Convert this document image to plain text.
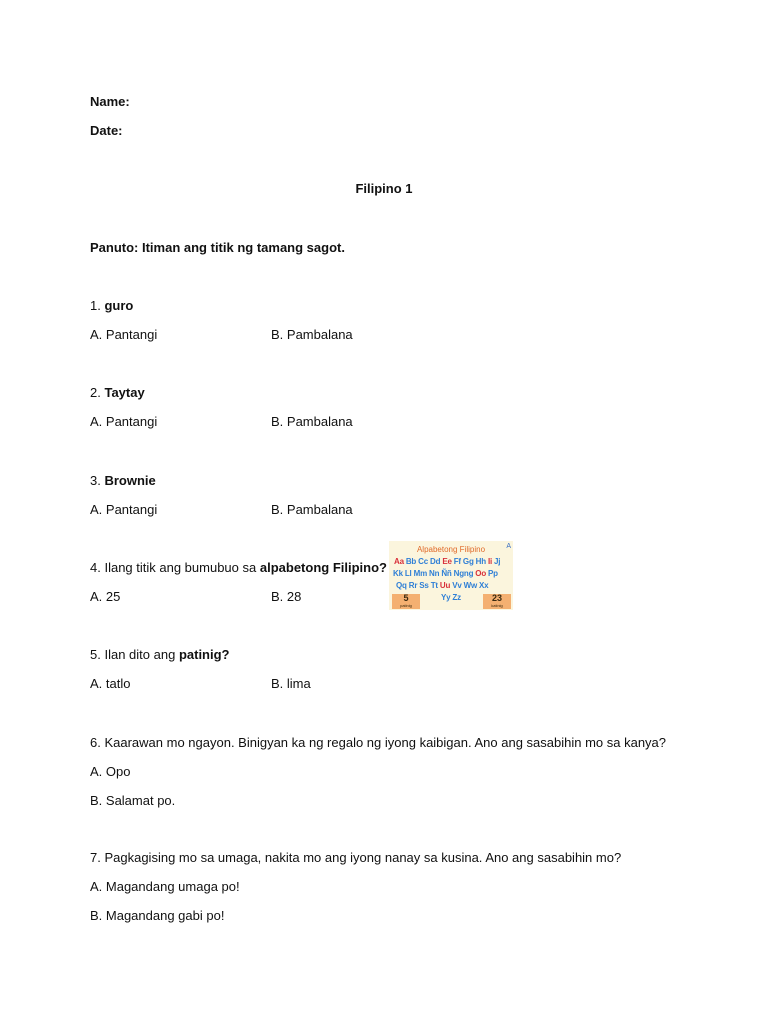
Name:
Date:
Filipino 1
Panuto: Itiman ang titik ng tamang sagot.
1. guro
A. Pantangi	B. Pambalana
2. Taytay
A. Pantangi	B. Pambalana
3. Brownie
A. Pantangi	B. Pambalana
4. Ilang titik ang bumubuo sa alpabetong Filipino?
A. 25	B. 28
Alpabetong Filipino	A
Aa Bb Cc Dd Ee Ff Gg Hh Ii Jj
Kk Ll Mm Nn Ññ Ngng Oo Pp
Qq Rr Ss Tt Uu Vv Ww Xx
Yy Zz
5
patinig
23
katinig
5. Ilan dito ang patinig?
A. tatlo	B. lima
6. Kaarawan mo ngayon. Binigyan ka ng regalo ng iyong kaibigan. Ano ang sasabihin mo sa kanya?
A. Opo
B. Salamat po.
7. Pagkagising mo sa umaga, nakita mo ang iyong nanay sa kusina. Ano ang sasabihin mo?
A. Magandang umaga po!
B. Magandang gabi po!
